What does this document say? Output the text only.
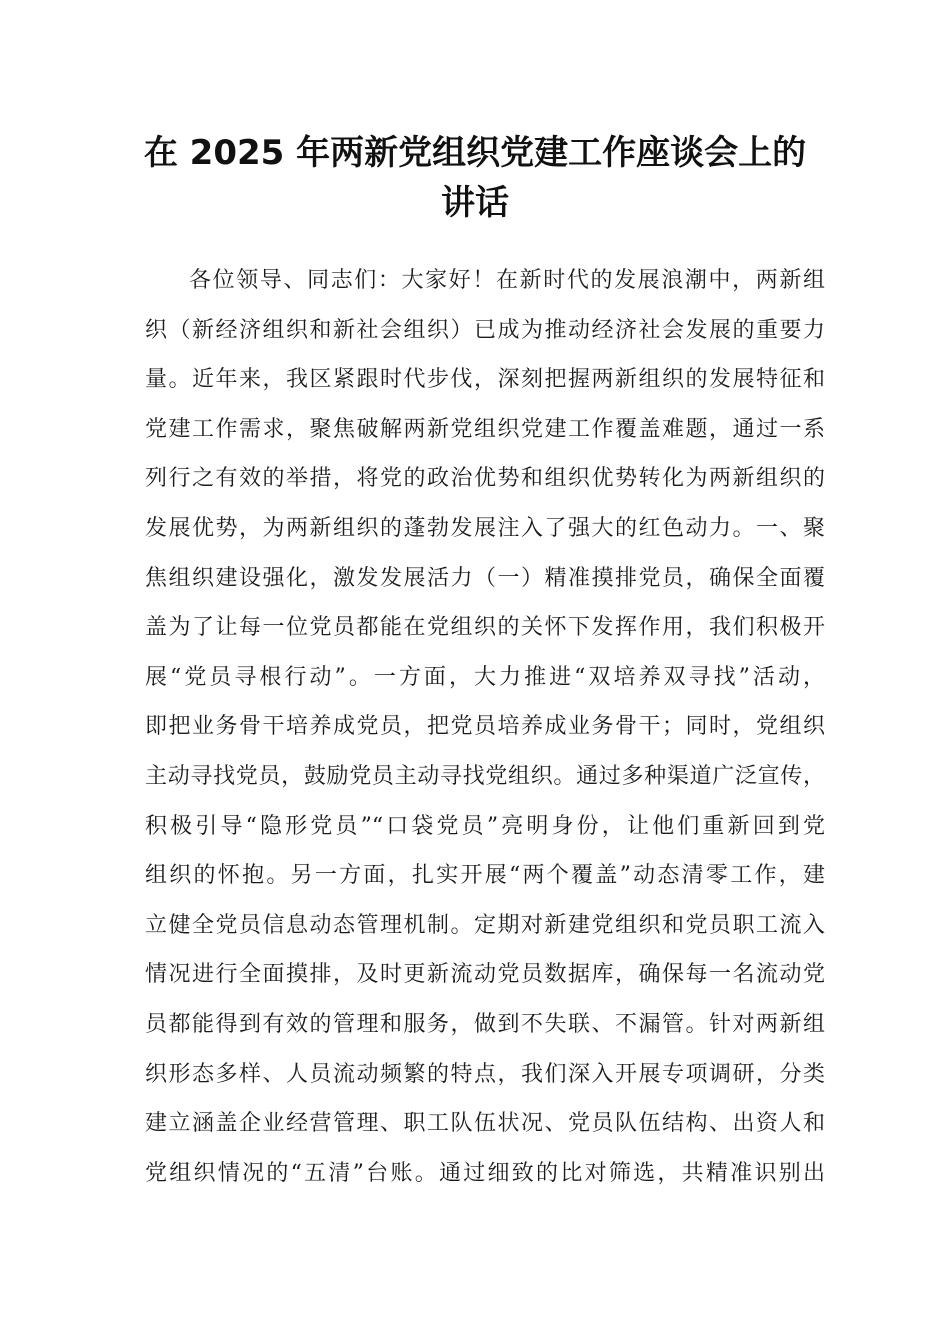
在 2025 年两新党组织党建工作座谈会上的
讲话
各位领导、同志们：大家好！在新时代的发展浪潮中，两新组
织（新经济组织和新社会组织）已成为推动经济社会发展的重要力
量。近年来，我区紧跟时代步伐，深刻把握两新组织的发展特征和
党建工作需求，聚焦破解两新党组织党建工作覆盖难题，通过一系
列行之有效的举措，将党的政治优势和组织优势转化为两新组织的
发展优势，为两新组织的蓬勃发展注入了强大的红色动力。一、聚
焦组织建设强化，激发发展活力（一）精准摸排党员，确保全面覆
盖为了让每一位党员都能在党组织的关怀下发挥作用，我们积极开
展“党员寻根行动”。一方面，大力推进“双培养双寻找”活动，
即把业务骨干培养成党员，把党员培养成业务骨干；同时，党组织
主动寻找党员，鼓励党员主动寻找党组织。通过多种渠道广泛宣传，
积极引导“隐形党员”“口袋党员”亮明身份，让他们重新回到党
组织的怀抱。另一方面，扎实开展“两个覆盖”动态清零工作，建
立健全党员信息动态管理机制。定期对新建党组织和党员职工流入
情况进行全面摸排，及时更新流动党员数据库，确保每一名流动党
员都能得到有效的管理和服务，做到不失联、不漏管。针对两新组
织形态多样、人员流动频繁的特点，我们深入开展专项调研，分类
建立涵盖企业经营管理、职工队伍状况、党员队伍结构、出资人和
党组织情况的“五清”台账。通过细致的比对筛选，共精准识别出
